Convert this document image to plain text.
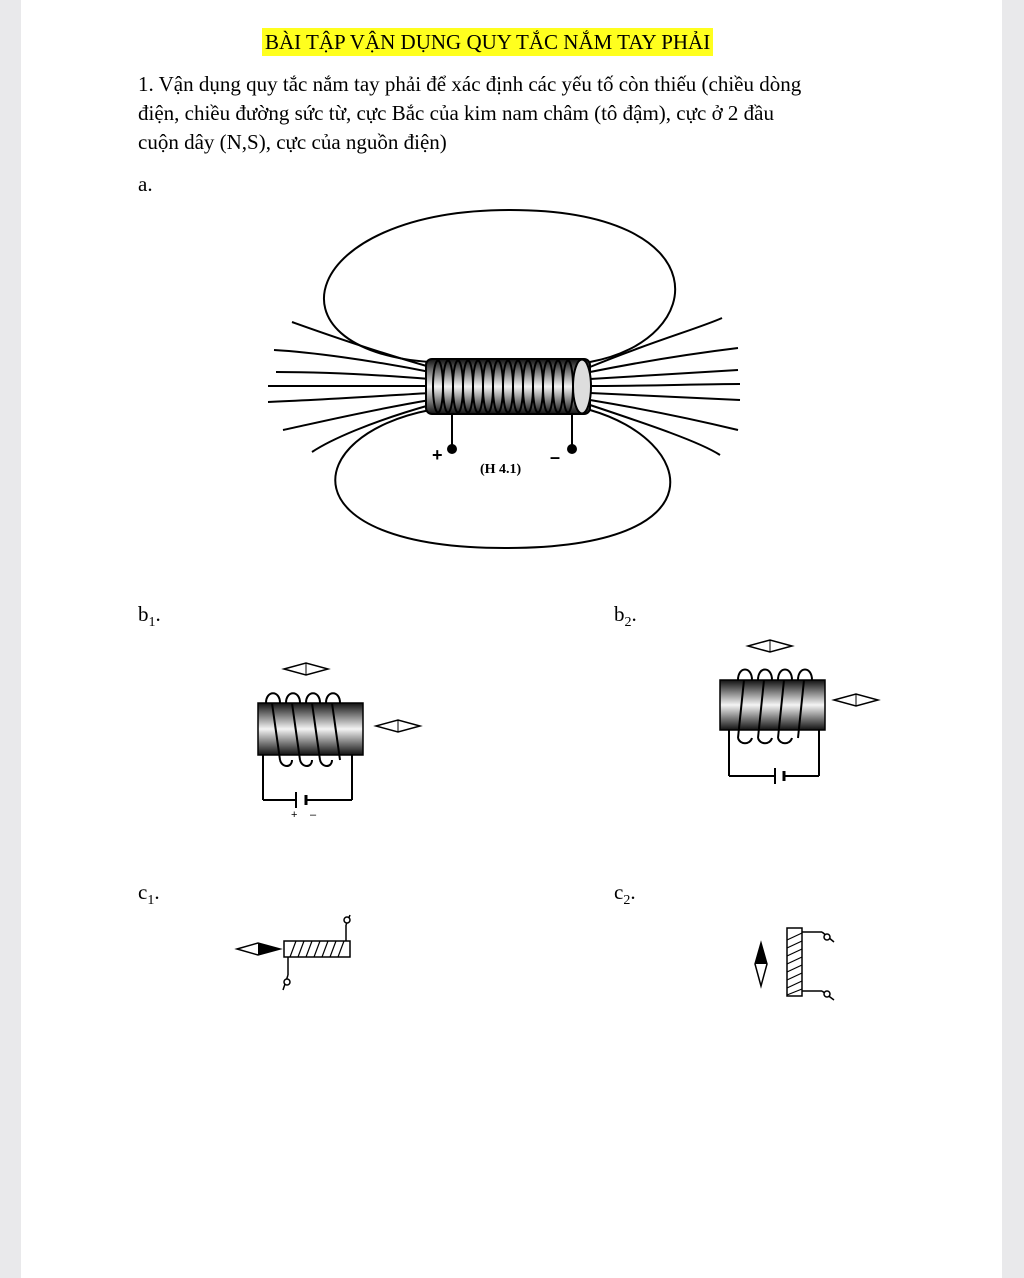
BÀI TẬP VẬN DỤNG QUY TẮC NẮM TAY PHẢI
1. Vận dụng quy tắc nắm tay phải để xác định các yếu tố còn thiếu (chiều dòng
điện, chiều đường sức từ, cực Bắc của kim nam châm (tô đậm), cực ở 2 đầu
cuộn dây (N,S), cực của nguồn điện)
a.
$b_1$.	$b_2$.
$c_1$.	$c_2$.
+	–
(H 4.1)
+ –
